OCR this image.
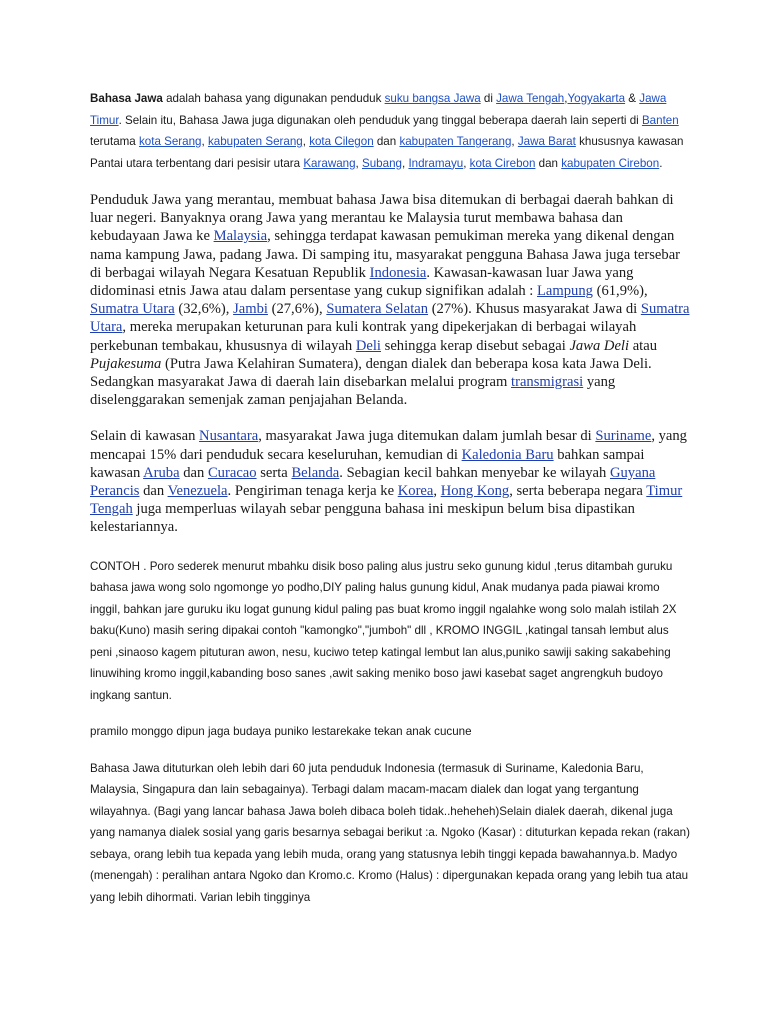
Bahasa Jawa adalah bahasa yang digunakan penduduk suku bangsa Jawa di Jawa Tengah,Yogyakarta & Jawa Timur. Selain itu, Bahasa Jawa juga digunakan oleh penduduk yang tinggal beberapa daerah lain seperti di Banten terutama kota Serang, kabupaten Serang, kota Cilegon dan kabupaten Tangerang, Jawa Barat khususnya kawasan Pantai utara terbentang dari pesisir utara Karawang, Subang, Indramayu, kota Cirebon dan kabupaten Cirebon.

Penduduk Jawa yang merantau, membuat bahasa Jawa bisa ditemukan di berbagai daerah bahkan di luar negeri. Banyaknya orang Jawa yang merantau ke Malaysia turut membawa bahasa dan kebudayaan Jawa ke Malaysia, sehingga terdapat kawasan pemukiman mereka yang dikenal dengan nama kampung Jawa, padang Jawa. Di samping itu, masyarakat pengguna Bahasa Jawa juga tersebar di berbagai wilayah Negara Kesatuan Republik Indonesia. Kawasan-kawasan luar Jawa yang didominasi etnis Jawa atau dalam persentase yang cukup signifikan adalah : Lampung (61,9%), Sumatra Utara (32,6%), Jambi (27,6%), Sumatera Selatan (27%). Khusus masyarakat Jawa di Sumatra Utara, mereka merupakan keturunan para kuli kontrak yang dipekerjakan di berbagai wilayah perkebunan tembakau, khususnya di wilayah Deli sehingga kerap disebut sebagai Jawa Deli atau Pujakesuma (Putra Jawa Kelahiran Sumatera), dengan dialek dan beberapa kosa kata Jawa Deli. Sedangkan masyarakat Jawa di daerah lain disebarkan melalui program transmigrasi yang diselenggarakan semenjak zaman penjajahan Belanda.

Selain di kawasan Nusantara, masyarakat Jawa juga ditemukan dalam jumlah besar di Suriname, yang mencapai 15% dari penduduk secara keseluruhan, kemudian di Kaledonia Baru bahkan sampai kawasan Aruba dan Curacao serta Belanda. Sebagian kecil bahkan menyebar ke wilayah Guyana Perancis dan Venezuela. Pengiriman tenaga kerja ke Korea, Hong Kong, serta beberapa negara Timur Tengah juga memperluas wilayah sebar pengguna bahasa ini meskipun belum bisa dipastikan kelestariannya.

CONTOH . Poro sederek menurut mbahku disik boso paling alus justru seko gunung kidul ,terus ditambah guruku bahasa jawa wong solo ngomonge yo podho,DIY paling halus gunung kidul, Anak mudanya pada piawai kromo inggil, bahkan jare guruku iku logat gunung kidul paling pas buat kromo inggil ngalahke wong solo malah istilah 2X baku(Kuno) masih sering dipakai contoh "kamongko","jumboh" dll , KROMO INGGIL ,katingal tansah lembut alus peni ,sinaoso kagem pituturan awon, nesu, kuciwo tetep katingal lembut lan alus,puniko sawiji saking sakabehing linuwihing kromo inggil,kabanding boso sanes ,awit saking meniko boso jawi kasebat saget angrengkuh budoyo ingkang santun.

pramilo monggo dipun jaga budaya puniko lestarekake tekan anak cucune

Bahasa Jawa dituturkan oleh lebih dari 60 juta penduduk Indonesia (termasuk di Suriname, Kaledonia Baru, Malaysia, Singapura dan lain sebagainya). Terbagi dalam macam-macam dialek dan logat yang tergantung wilayahnya. (Bagi yang lancar bahasa Jawa boleh dibaca boleh tidak..heheheh)Selain dialek daerah, dikenal juga yang namanya dialek sosial yang garis besarnya sebagai berikut :a. Ngoko (Kasar) : dituturkan kepada rekan (rakan) sebaya, orang lebih tua kepada yang lebih muda, orang yang statusnya lebih tinggi kepada bawahannya.b. Madyo (menengah) : peralihan antara Ngoko dan Kromo.c. Kromo (Halus) : dipergunakan kepada orang yang lebih tua atau yang lebih dihormati. Varian lebih tingginya
